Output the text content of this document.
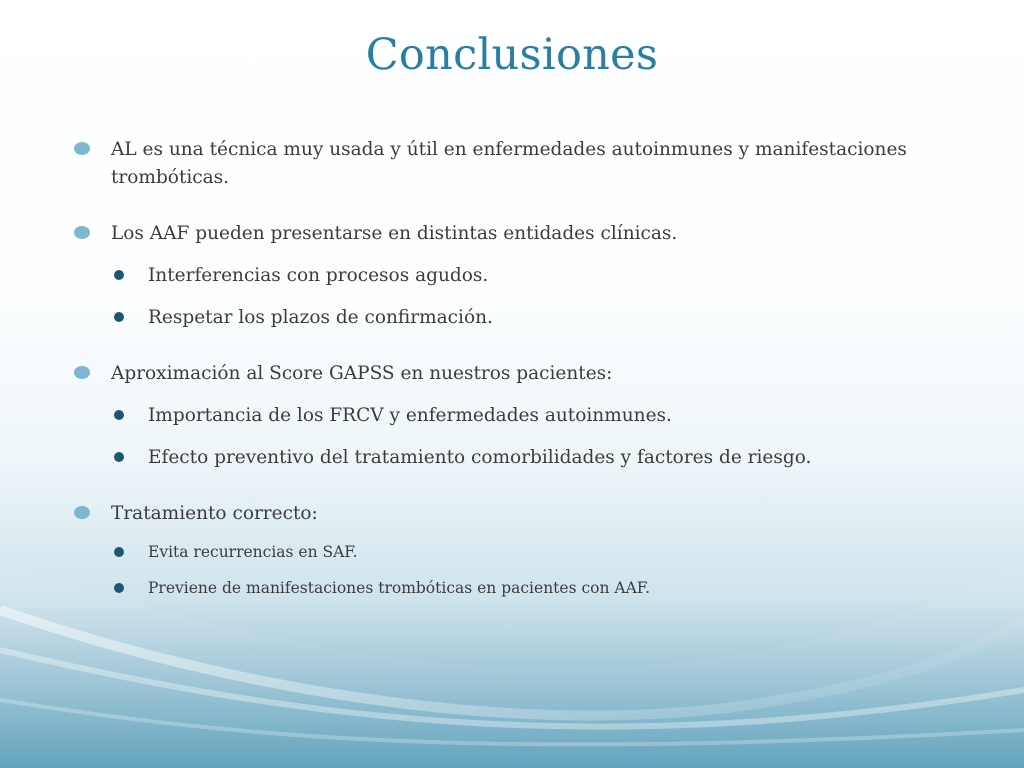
Conclusiones
AL es una técnica muy usada y útil en enfermedades autoinmunes y manifestaciones trombóticas.
Los AAF pueden presentarse en distintas entidades clínicas.
Interferencias con procesos agudos.
Respetar los plazos de confirmación.
Aproximación al Score GAPSS en nuestros pacientes:
Importancia de los FRCV y enfermedades autoinmunes.
Efecto preventivo del tratamiento comorbilidades y factores de riesgo.
Tratamiento correcto:
Evita recurrencias en SAF.
Previene de manifestaciones trombóticas en pacientes con AAF.
